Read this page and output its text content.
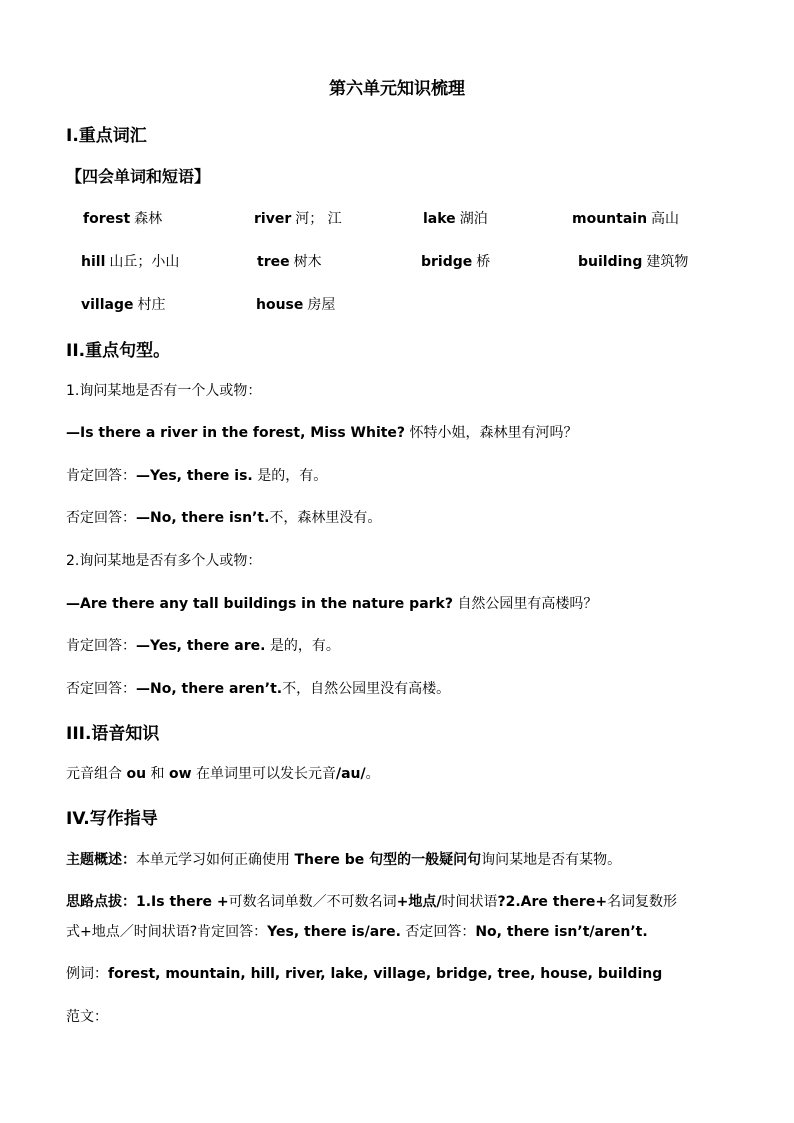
第六单元知识梳理
I.重点词汇
【四会单词和短语】
forest 森林	river 河； 江	lake 湖泊	mountain 高山
hill 山丘；小山	tree 树木	bridge 桥	building 建筑物
village 村庄	house 房屋
II.重点句型。
1.询问某地是否有一个人或物：
—Is there a river in the forest, Miss White? 怀特小姐，森林里有河吗？
肯定回答：—Yes, there is. 是的，有。
否定回答：—No, there isn’t.不，森林里没有。
2.询问某地是否有多个人或物：
—Are there any tall buildings in the nature park? 自然公园里有高楼吗？
肯定回答：—Yes, there are. 是的，有。
否定回答：—No, there aren’t.不，自然公园里没有高楼。
III.语音知识
元音组合 ou 和 ow 在单词里可以发长元音/au/。
IV.写作指导
主题概述：本单元学习如何正确使用 There be 句型的一般疑问句询问某地是否有某物。
思路点拔：1.Is there +可数名词单数／不可数名词+地点/时间状语?2.Are there+名词复数形
式+地点／时间状语?肯定回答：Yes, there is/are. 否定回答：No, there isn’t/aren’t.
例词：forest, mountain, hill, river, lake, village, bridge, tree, house, building
范文：
